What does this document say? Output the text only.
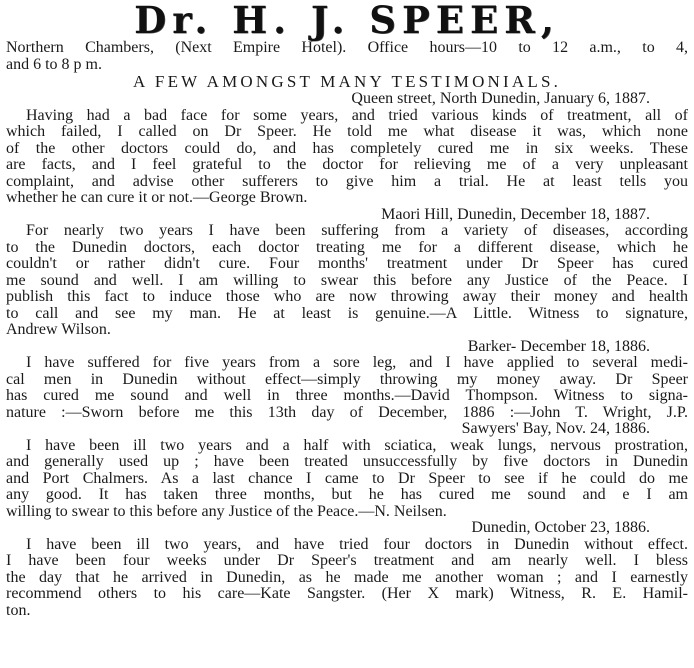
Dr. H. J. SPEER,
Northern Chambers, (Next Empire Hotel). Office hours—10 to 12 a.m., to 4,
and 6 to 8 p m.
A FEW AMONGST MANY TESTIMONIALS.
Queen street, North Dunedin, January 6, 1887.
Having had a bad face for some years, and tried various kinds of treatment, all of
which failed, I called on Dr Speer. He told me what disease it was, which none
of the other doctors could do, and has completely cured me in six weeks. These
are facts, and I feel grateful to the doctor for relieving me of a very unpleasant
complaint, and advise other sufferers to give him a trial. He at least tells you
whether he can cure it or not.—George Brown.
Maori Hill, Dunedin, December 18, 1887.
For nearly two years I have been suffering from a variety of diseases, according
to the Dunedin doctors, each doctor treating me for a different disease, which he
couldn't or rather didn't cure. Four months' treatment under Dr Speer has cured
me sound and well. I am willing to swear this before any Justice of the Peace. I
publish this fact to induce those who are now throwing away their money and health
to call and see my man. He at least is genuine.—A Little. Witness to signature,
Andrew Wilson.
Barker- December 18, 1886.
I have suffered for five years from a sore leg, and I have applied to several medi-
cal men in Dunedin without effect—simply throwing my money away. Dr Speer
has cured me sound and well in three months.—David Thompson. Witness to signa-
nature :—Sworn before me this 13th day of December, 1886 :—John T. Wright, J.P.
Sawyers' Bay, Nov. 24, 1886.
I have been ill two years and a half with sciatica, weak lungs, nervous prostration,
and generally used up ; have been treated unsuccessfully by five doctors in Dunedin
and Port Chalmers. As a last chance I came to Dr Speer to see if he could do me
any good. It has taken three months, but he has cured me sound and e I am
willing to swear to this before any Justice of the Peace.—N. Neilsen.
Dunedin, October 23, 1886.
I have been ill two years, and have tried four doctors in Dunedin without effect.
I have been four weeks under Dr Speer's treatment and am nearly well. I bless
the day that he arrived in Dunedin, as he made me another woman ; and I earnestly
recommend others to his care—Kate Sangster. (Her X mark) Witness, R. E. Hamil-
ton.
